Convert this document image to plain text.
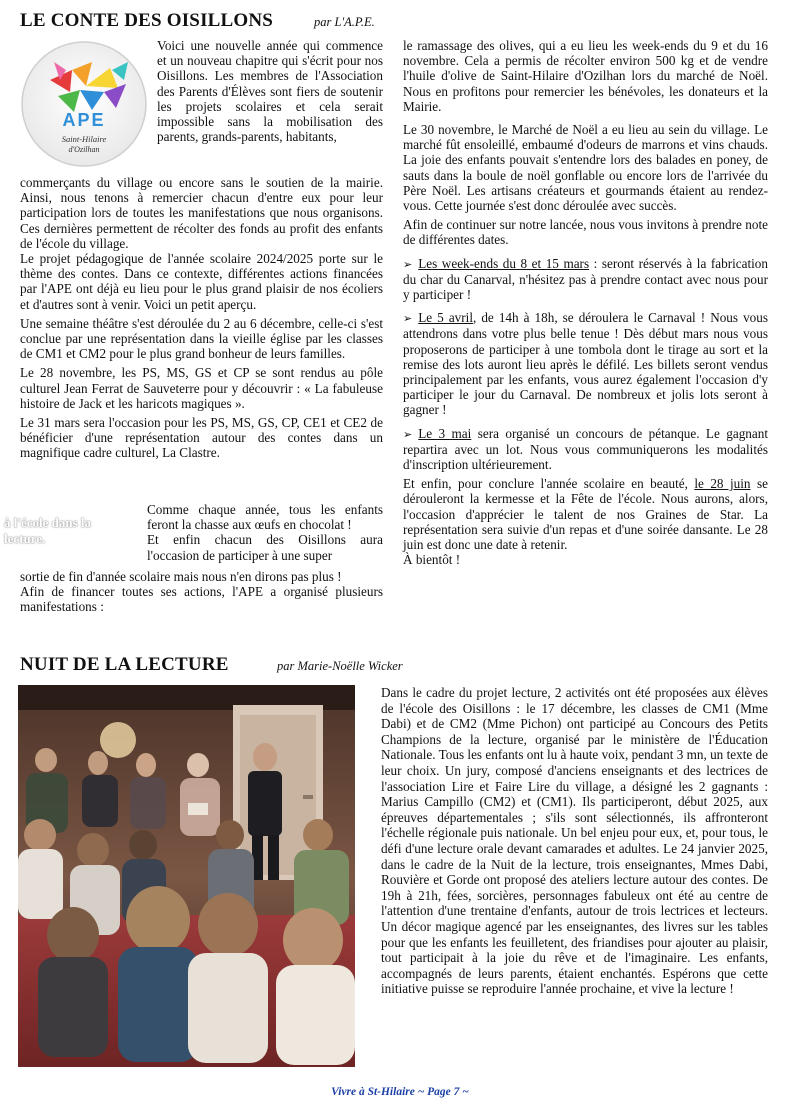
LE CONTE DES OISILLONS	par L'A.P.E.
APE
Saint-Hilaire
d'Ozilhan
Voici une nouvelle année qui commence et un nouveau chapitre qui s'écrit pour nos Oisillons. Les membres de l'Association des Parents d'Élèves sont fiers de soutenir les projets scolaires et cela serait impossible sans la mobilisation des parents, grands-parents, habitants,

commerçants du village ou encore sans le soutien de la mairie. Ainsi, nous tenons à remercier chacun d'entre eux pour leur participation lors de toutes les manifestations que nous organisons. Ces dernières permettent de récolter des fonds au profit des enfants de l'école du village.

Le projet pédagogique de l'année scolaire 2024/2025 porte sur le thème des contes. Dans ce contexte, différentes actions financées par l'APE ont déjà eu lieu pour le plus grand plaisir de nos écoliers et d'autres sont à venir. Voici un petit aperçu.

Une semaine théâtre s'est déroulée du 2 au 6 décembre, celle-ci s'est conclue par une représentation dans la vieille église par les classes de CM1 et CM2 pour le plus grand bonheur de leurs familles.

Le 28 novembre, les PS, MS, GS et CP se sont rendus au pôle culturel Jean Ferrat de Sauveterre pour y découvrir : « La fabuleuse histoire de Jack et les haricots magiques ».

Le 31 mars sera l'occasion pour les PS, MS, GS, CP, CE1 et CE2 de bénéficier d'une représentation autour des contes dans un magnifique cadre culturel, La Clastre.

à l'école dans la lecture.
Comme chaque année, tous les enfants feront la chasse aux œufs en chocolat !
Et enfin chacun des Oisillons aura l'occasion de participer à une super

sortie de fin d'année scolaire mais nous n'en dirons pas plus !

Afin de financer toutes ses actions, l'APE a organisé plusieurs manifestations :

le ramassage des olives, qui a eu lieu les week-ends du 9 et du 16 novembre. Cela a permis de récolter environ 500 kg et de vendre l'huile d'olive de Saint-Hilaire d'Ozilhan lors du marché de Noël. Nous en profitons pour remercier les bénévoles, les donateurs et la Mairie.

Le 30 novembre, le Marché de Noël a eu lieu au sein du village. Le marché fût ensoleillé, embaumé d'odeurs de marrons et vins chauds. La joie des enfants pouvait s'entendre lors des balades en poney, de sauts dans la boule de noël gonflable ou encore lors de l'arrivée du Père Noël. Les artisans créateurs et gourmands étaient au rendez-vous. Cette journée s'est donc déroulée avec succès.

Afin de continuer sur notre lancée, nous vous invitons à prendre note de différentes dates.

➢ Les week-ends du 8 et 15 mars : seront réservés à la fabrication du char du Canarval, n'hésitez pas à prendre contact avec nous pour y participer !

➢ Le 5 avril, de 14h à 18h, se déroulera le Carnaval ! Nous vous attendrons dans votre plus belle tenue ! Dès début mars nous vous proposerons de participer à une tombola dont le tirage au sort et la remise des lots auront lieu après le défilé. Les billets seront vendus principalement par les enfants, vous aurez également l'occasion d'y participer le jour du Carnaval. De nombreux et jolis lots seront à gagner !

➢ Le 3 mai sera organisé un concours de pétanque. Le gagnant repartira avec un lot. Nous vous communiquerons les modalités d'inscription ultérieurement.

Et enfin, pour conclure l'année scolaire en beauté, le 28 juin se dérouleront la kermesse et la Fête de l'école. Nous aurons, alors, l'occasion d'apprécier le talent de nos Graines de Star. La représentation sera suivie d'un repas et d'une soirée dansante. Le 28 juin est donc une date à retenir.

À bientôt !

NUIT DE LA LECTURE	par Marie-Noëlle Wicker
Dans le cadre du projet lecture, 2 activités ont été proposées aux élèves de l'école des Oisillons : le 17 décembre, les classes de CM1 (Mme Dabi) et de CM2 (Mme Pichon) ont participé au Concours des Petits Champions de la lecture, organisé par le ministère de l'Éducation Nationale. Tous les enfants ont lu à haute voix, pendant 3 mn, un texte de leur choix. Un jury, composé d'anciens enseignants et des lectrices de l'association Lire et Faire Lire du village, a désigné les 2 gagnants : Marius Campillo (CM2) et (CM1). Ils participeront, début 2025, aux épreuves départementales ; s'ils sont sélectionnés, ils affronteront l'échelle régionale puis nationale. Un bel enjeu pour eux, et, pour tous, le défi d'une lecture orale devant camarades et adultes. Le 24 janvier 2025, dans le cadre de la Nuit de la lecture, trois enseignantes, Mmes Dabi, Rouvière et Gorde ont proposé des ateliers lecture autour des contes. De 19h à 21h, fées, sorcières, personnages fabuleux ont été au centre de l'attention d'une trentaine d'enfants, autour de trois lectrices et lecteurs. Un décor magique agencé par les enseignantes, des livres sur les tables pour que les enfants les feuilletent, des friandises pour ajouter au plaisir, tout participait à la joie du rêve et de l'imaginaire. Les enfants, accompagnés de leurs parents, étaient enchantés. Espérons que cette initiative puisse se reproduire l'année prochaine, et vive la lecture !
Vivre à St-Hilaire ~ Page 7 ~
